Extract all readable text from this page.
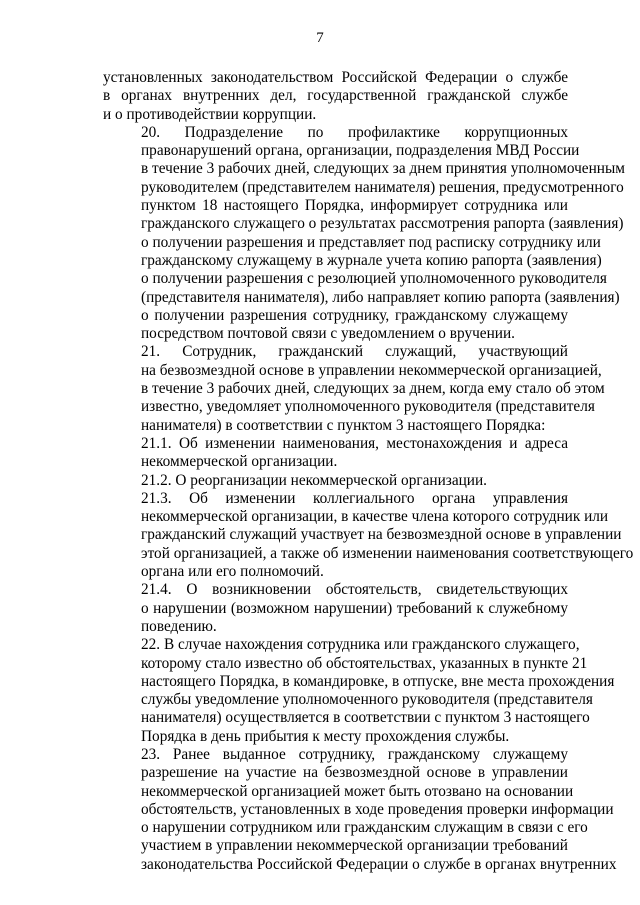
7
установленных законодательством Российской Федерации о службе
в органах внутренних дел, государственной гражданской службе
и о противодействии коррупции.
20. Подразделение по профилактике коррупционных
правонарушений органа, организации, подразделения МВД России
в течение 3 рабочих дней, следующих за днем принятия уполномоченным
руководителем (представителем нанимателя) решения, предусмотренного
пунктом 18 настоящего Порядка, информирует сотрудника или
гражданского служащего о результатах рассмотрения рапорта (заявления)
о получении разрешения и представляет под расписку сотруднику или
гражданскому служащему в журнале учета копию рапорта (заявления)
о получении разрешения с резолюцией уполномоченного руководителя
(представителя нанимателя), либо направляет копию рапорта (заявления)
о получении разрешения сотруднику, гражданскому служащему
посредством почтовой связи с уведомлением о вручении.
21. Сотрудник, гражданский служащий, участвующий
на безвозмездной основе в управлении некоммерческой организацией,
в течение 3 рабочих дней, следующих за днем, когда ему стало об этом
известно, уведомляет уполномоченного руководителя (представителя
нанимателя) в соответствии с пунктом 3 настоящего Порядка:
21.1. Об изменении наименования, местонахождения и адреса
некоммерческой организации.
21.2. О реорганизации некоммерческой организации.
21.3. Об изменении коллегиального органа управления
некоммерческой организации, в качестве члена которого сотрудник или
гражданский служащий участвует на безвозмездной основе в управлении
этой организацией, а также об изменении наименования соответствующего
органа или его полномочий.
21.4. О возникновении обстоятельств, свидетельствующих
о нарушении (возможном нарушении) требований к служебному
поведению.
22. В случае нахождения сотрудника или гражданского служащего,
которому стало известно об обстоятельствах, указанных в пункте 21
настоящего Порядка, в командировке, в отпуске, вне места прохождения
службы уведомление уполномоченного руководителя (представителя
нанимателя) осуществляется в соответствии с пунктом 3 настоящего
Порядка в день прибытия к месту прохождения службы.
23. Ранее выданное сотруднику, гражданскому служащему
разрешение на участие на безвозмездной основе в управлении
некоммерческой организацией может быть отозвано на основании
обстоятельств, установленных в ходе проведения проверки информации
о нарушении сотрудником или гражданским служащим в связи с его
участием в управлении некоммерческой организации требований
законодательства Российской Федерации о службе в органах внутренних
